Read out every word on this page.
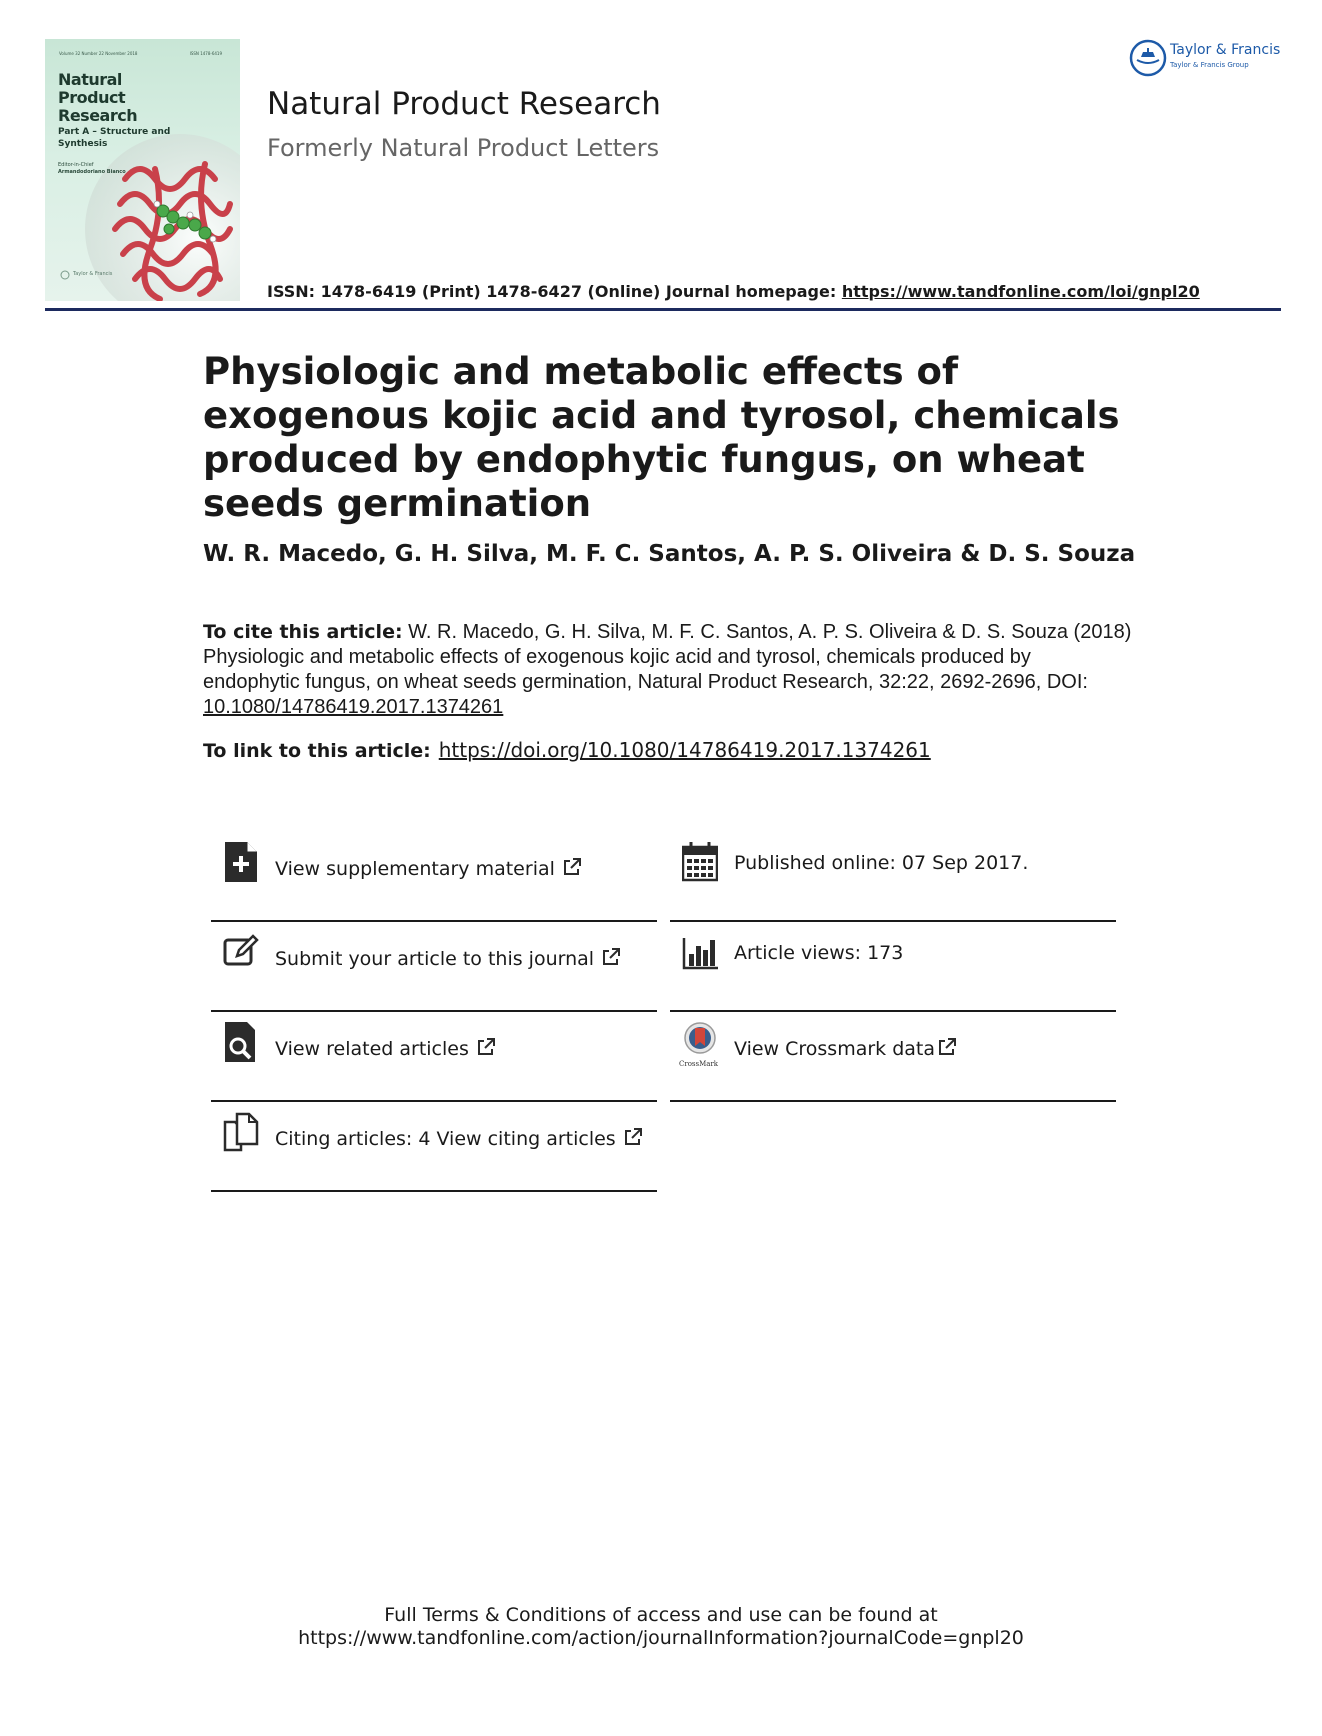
Volume 32 Number 22 November 2018	ISSN 1478-6419
Natural Product Research
Part A – Structure and Synthesis
Editor-in-Chief
Armandodoriano Bianco
Taylor & Francis
Natural Product Research
Formerly Natural Product Letters
ISSN: 1478-6419 (Print) 1478-6427 (Online) Journal homepage: https://www.tandfonline.com/loi/gnpl20
Taylor & Francis
Taylor & Francis Group
Physiologic and metabolic effects of exogenous kojic acid and tyrosol, chemicals produced by endophytic fungus, on wheat seeds germination
W. R. Macedo, G. H. Silva, M. F. C. Santos, A. P. S. Oliveira & D. S. Souza
To cite this article: W. R. Macedo, G. H. Silva, M. F. C. Santos, A. P. S. Oliveira & D. S. Souza (2018) Physiologic and metabolic effects of exogenous kojic acid and tyrosol, chemicals produced by endophytic fungus, on wheat seeds germination, Natural Product Research, 32:22, 2692-2696, DOI: 10.1080/14786419.2017.1374261
To link to this article: https://doi.org/10.1080/14786419.2017.1374261
View supplementary material
Submit your article to this journal
View related articles
Citing articles: 4 View citing articles
Published online: 07 Sep 2017.
Article views: 173
CrossMark
View Crossmark data
Full Terms & Conditions of access and use can be found at
https://www.tandfonline.com/action/journalInformation?journalCode=gnpl20
